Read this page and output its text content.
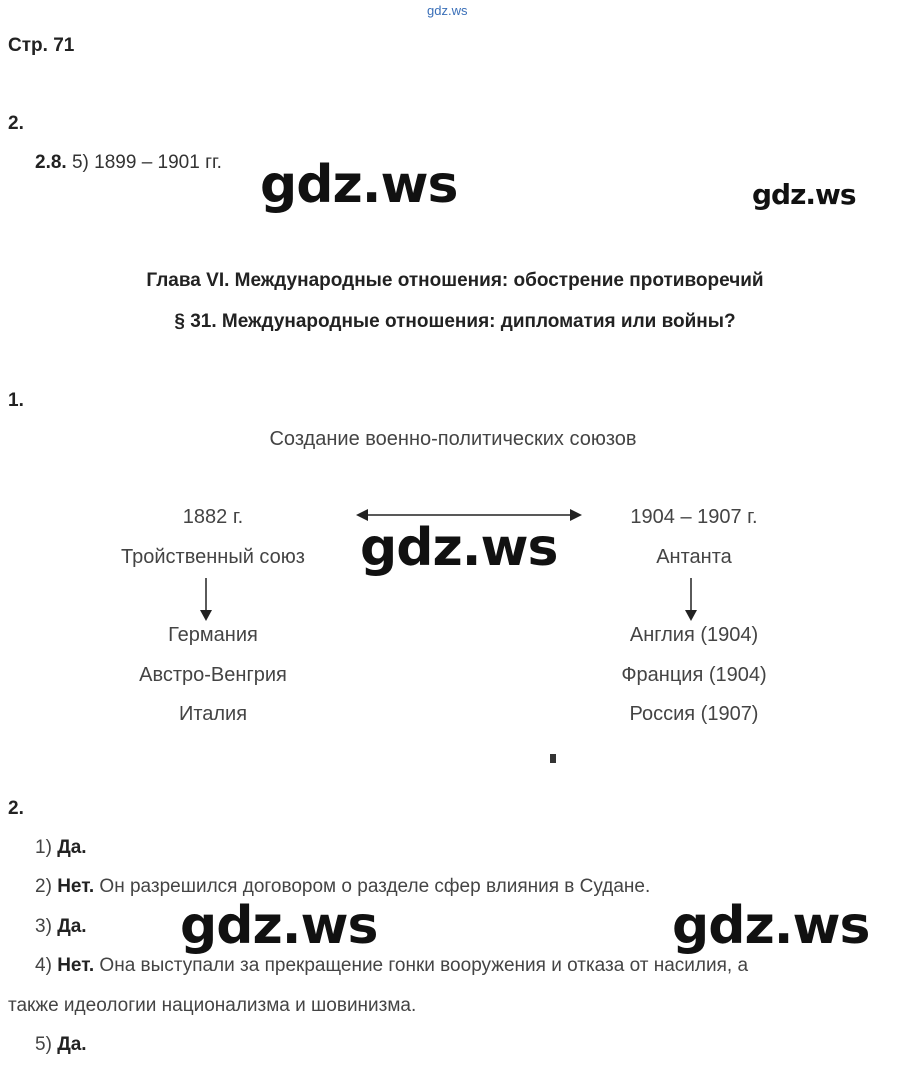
gdz.ws
Стр. 71
2.
2.8. 5) 1899 – 1901 гг. gdz.ws	gdz.ws
Глава VI. Международные отношения: обострение противоречий
§ 31. Международные отношения: дипломатия или войны?
1.
Создание военно-политических союзов
1882 г.
Тройственный союз
Германия
Австро-Венгрия
Италия
gdz.ws
1904 – 1907 г.
Антанта
Англия (1904)
Франция (1904)
Россия (1907)
2.
1) Да.
2) Нет. Он разрешился договором о разделе сфер влияния в Судане.
3) Да.
4) Нет. Она выступали за прекращение гонки вооружения и отказа от насилия, а
также идеологии национализма и шовинизма.
5) Да.
gdz.ws	gdz.ws
